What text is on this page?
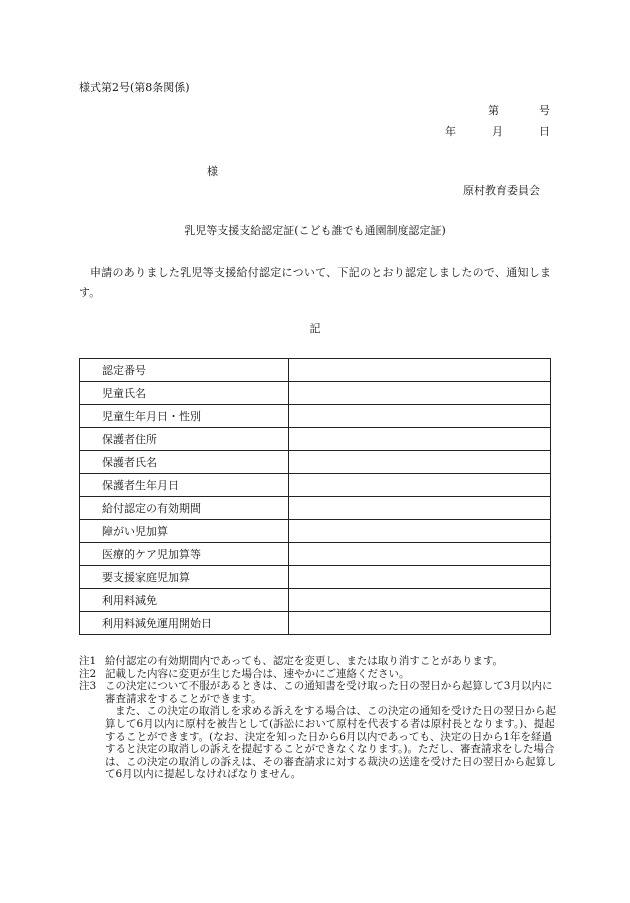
様式第2号(第8条関係)
第	号
年	月	日
様
原村教育委員会
乳児等支援支給認定証(こども誰でも通園制度認定証)
申請のありました乳児等支援給付認定について、下記のとおり認定しましたので、通知します。
記
認定番号	
児童氏名	
児童生年月日・性別	
保護者住所	
保護者氏名	
保護者生年月日	
給付認定の有効期間	
障がい児加算	
医療的ケア児加算等	
要支援家庭児加算	
利用料減免	
利用料減免運用開始日	
注1 給付認定の有効期間内であっても、認定を変更し、または取り消すことがあります。

注2 記載した内容に変更が生じた場合は、速やかにご連絡ください。

注3 この決定について不服があるときは、この通知書を受け取った日の翌日から起算して3月以内に審査請求をすることができます。

また、この決定の取消しを求める訴えをする場合は、この決定の通知を受けた日の翌日から起算して6月以内に原村を被告として(訴訟において原村を代表する者は原村長となります。)、提起することができます。(なお、決定を知った日から6月以内であっても、決定の日から1年を経過すると決定の取消しの訴えを提起することができなくなります。)。ただし、審査請求をした場合は、この決定の取消しの訴えは、その審査請求に対する裁決の送達を受けた日の翌日から起算して6月以内に提起しなければなりません。
